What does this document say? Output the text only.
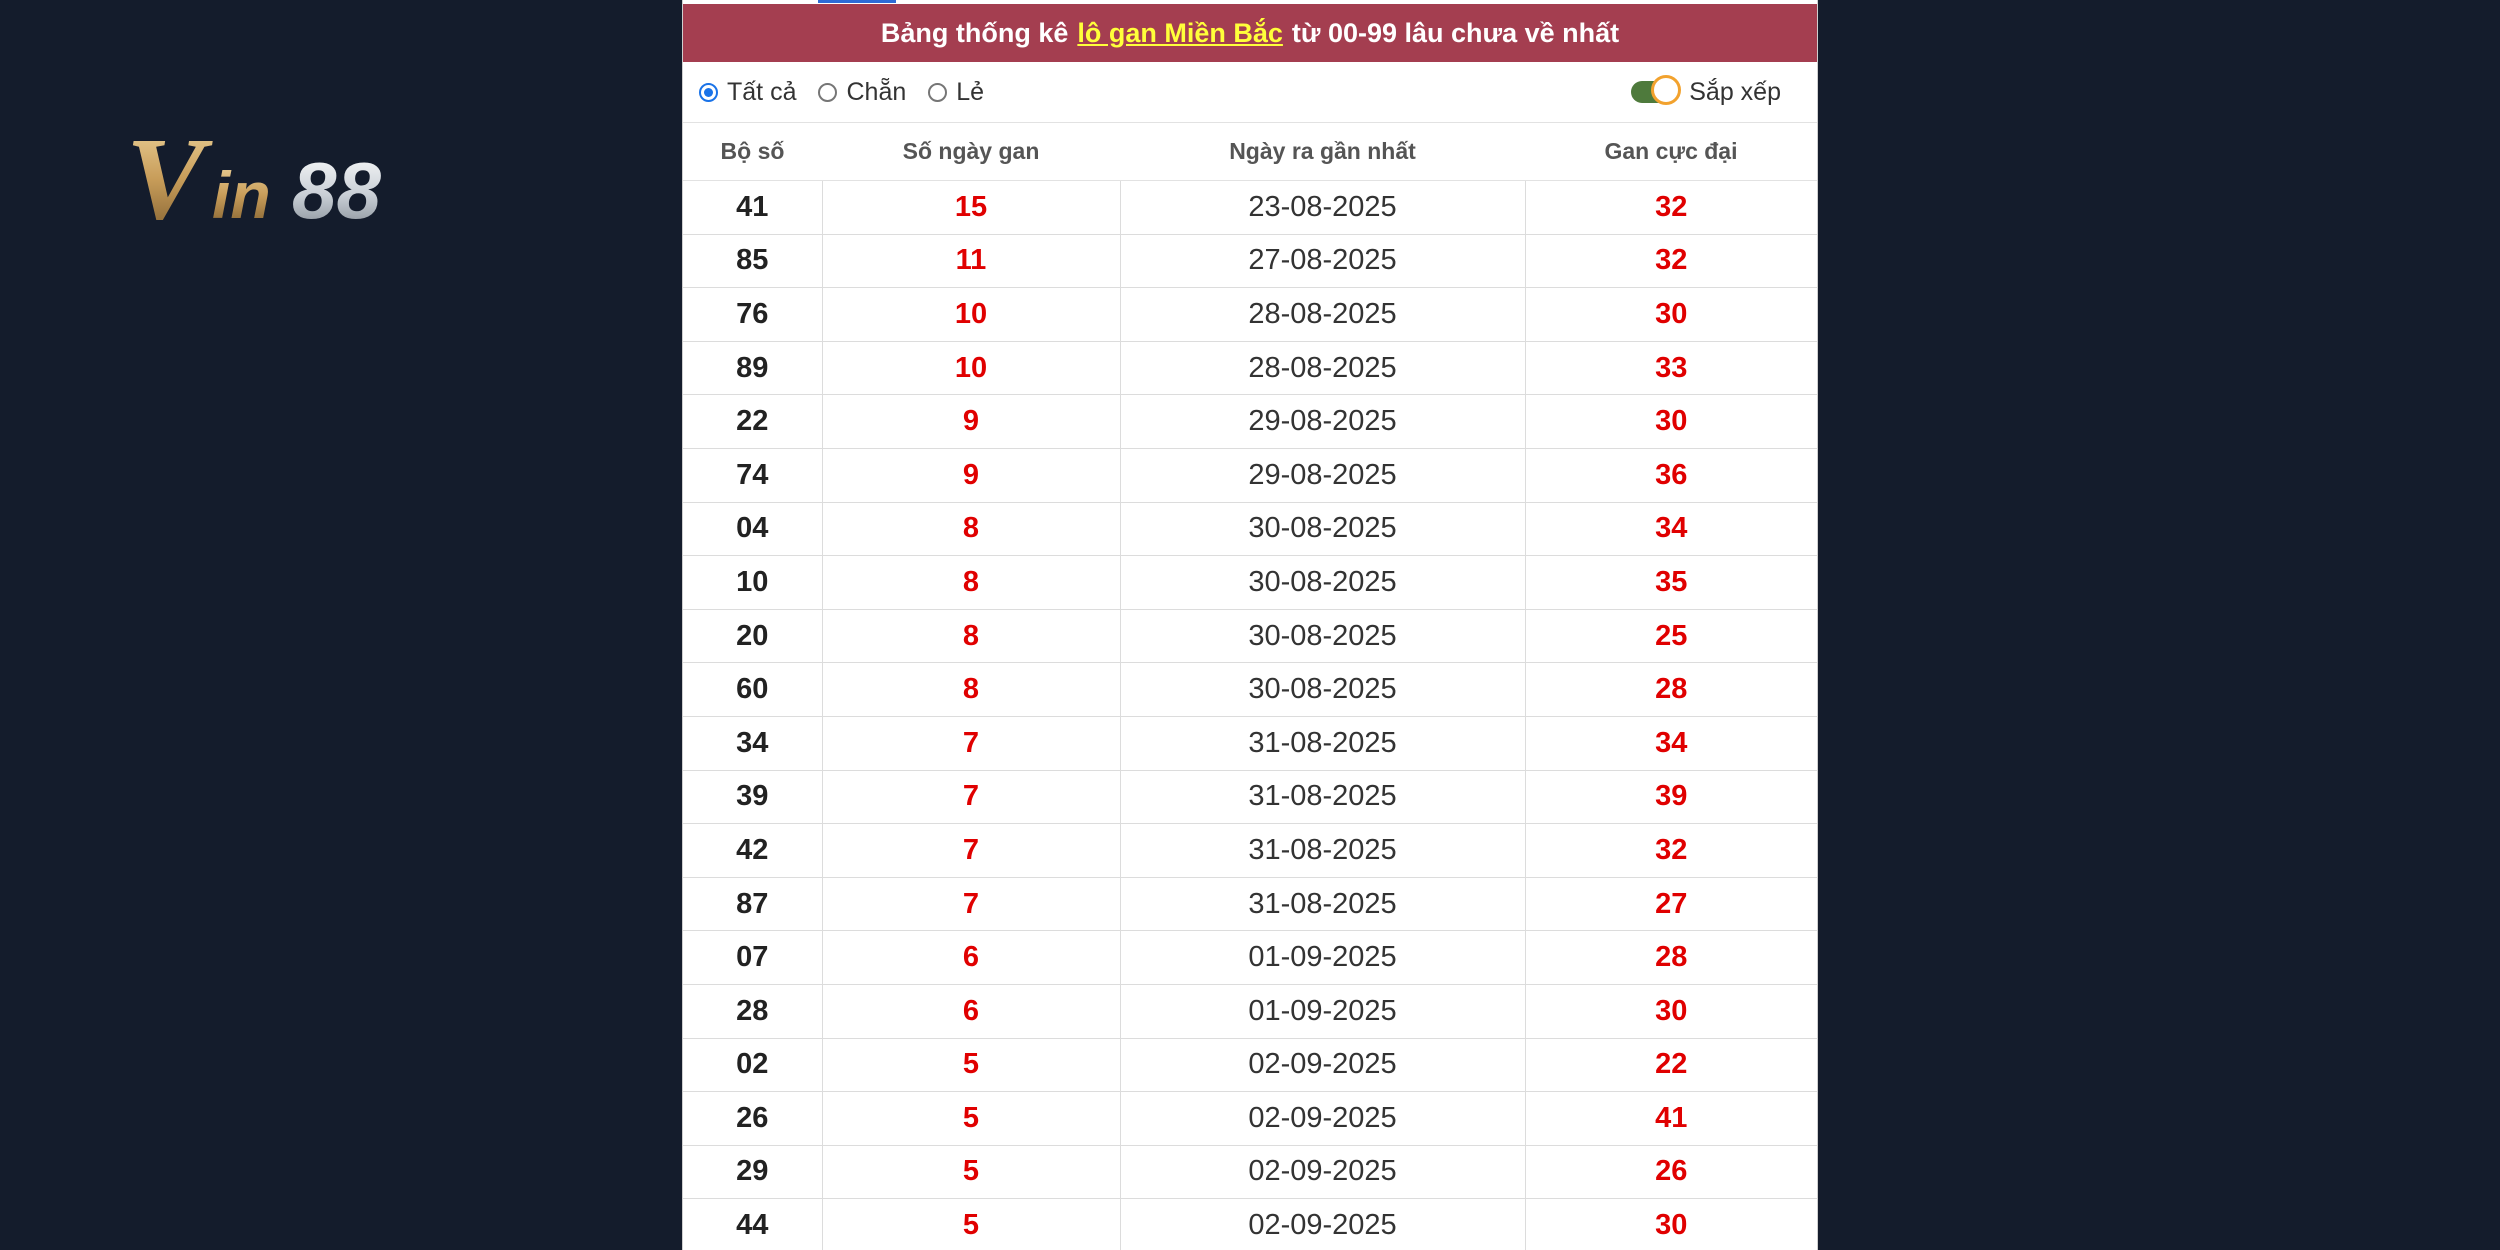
V in 88
Bảng thống kê lô gan Miền Bắc từ 00-99 lâu chưa về nhất
Tất cả Chẵn Lẻ	Sắp xếp
Bộ số	Số ngày gan	Ngày ra gần nhất	Gan cực đại
41	15	23-08-2025	32
85	11	27-08-2025	32
76	10	28-08-2025	30
89	10	28-08-2025	33
22	9	29-08-2025	30
74	9	29-08-2025	36
04	8	30-08-2025	34
10	8	30-08-2025	35
20	8	30-08-2025	25
60	8	30-08-2025	28
34	7	31-08-2025	34
39	7	31-08-2025	39
42	7	31-08-2025	32
87	7	31-08-2025	27
07	6	01-09-2025	28
28	6	01-09-2025	30
02	5	02-09-2025	22
26	5	02-09-2025	41
29	5	02-09-2025	26
44	5	02-09-2025	30
